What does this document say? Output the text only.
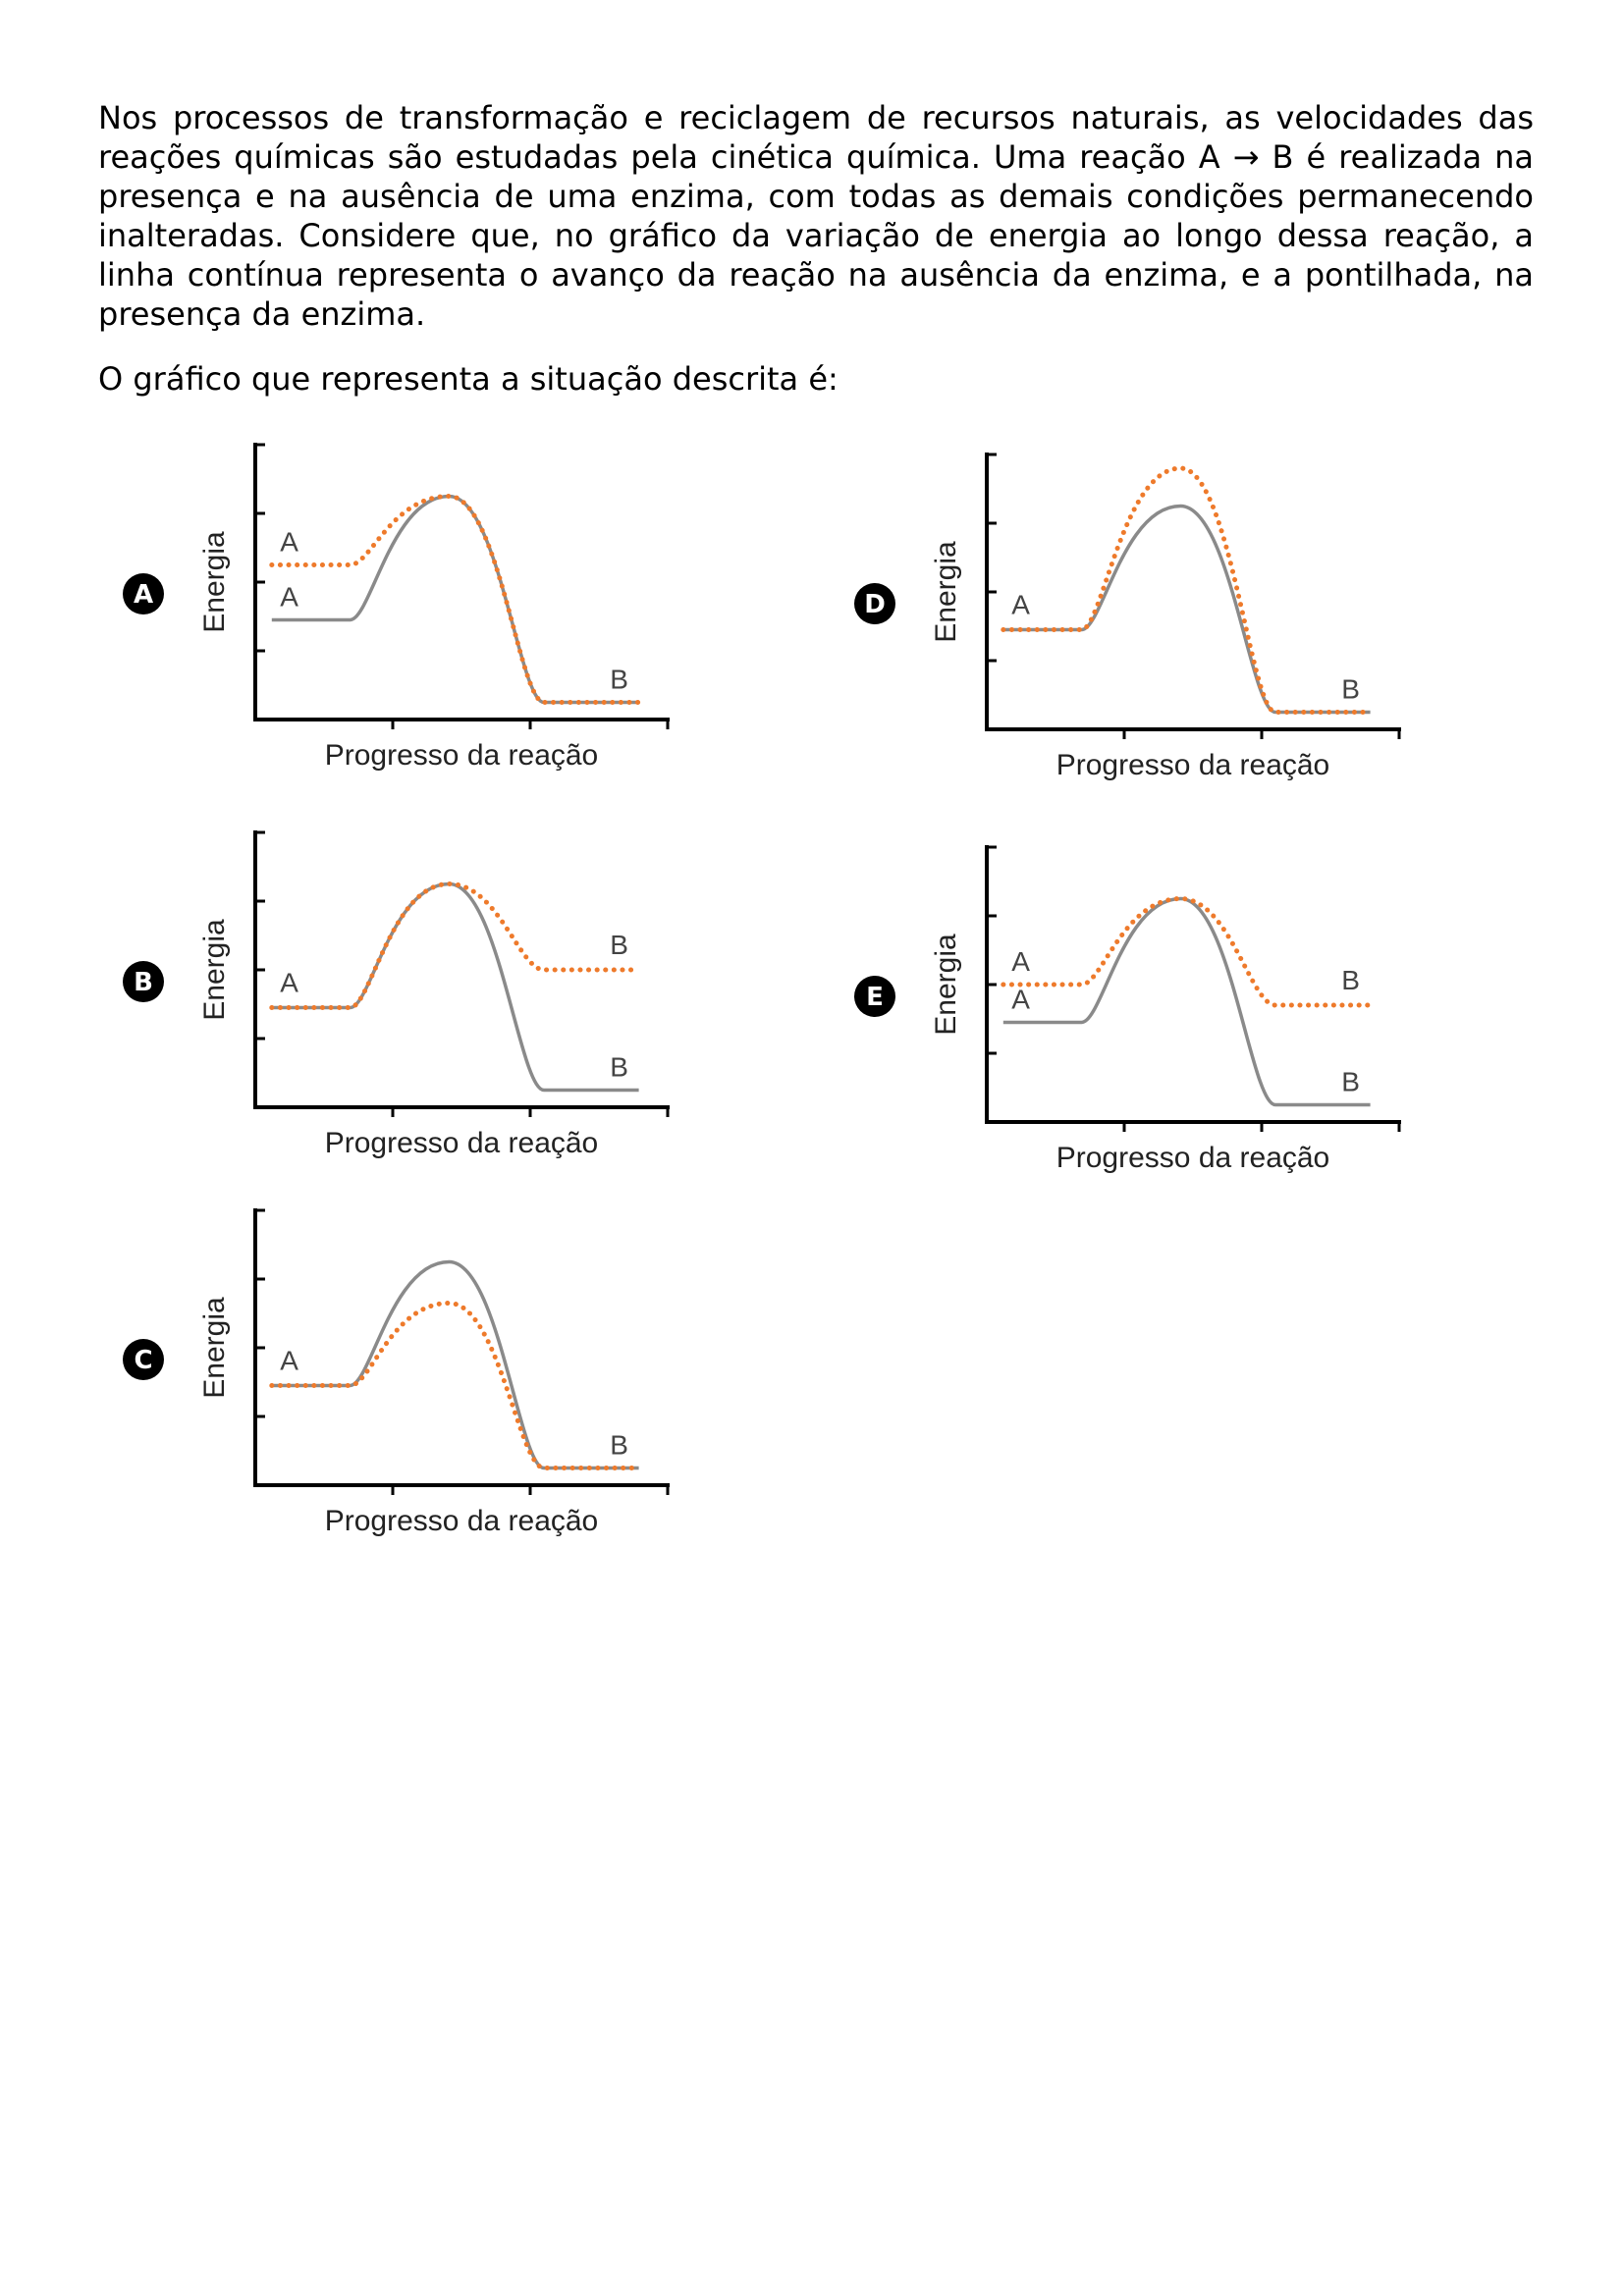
Nos processos de transformação e reciclagem de recursos naturais, as velocidades das reações químicas são estudadas pela cinética química. Uma reação A → B é realizada na presença e na ausência de uma enzima, com todas as demais condições permanecendo inalteradas. Considere que, no gráfico da variação de energia ao longo dessa reação, a linha contínua representa o avanço da reação na ausência da enzima, e a pontilhada, na presença da enzima.

O gráfico que representa a situação descrita é:

A
A
B
Progresso da reação
Energia
A
A
B
B
Progresso da reação
Energia
B
A
B
Progresso da reação
Energia
C
A
B
Progresso da reação
Energia
D
A
A
B
B
Progresso da reação
Energia
E
